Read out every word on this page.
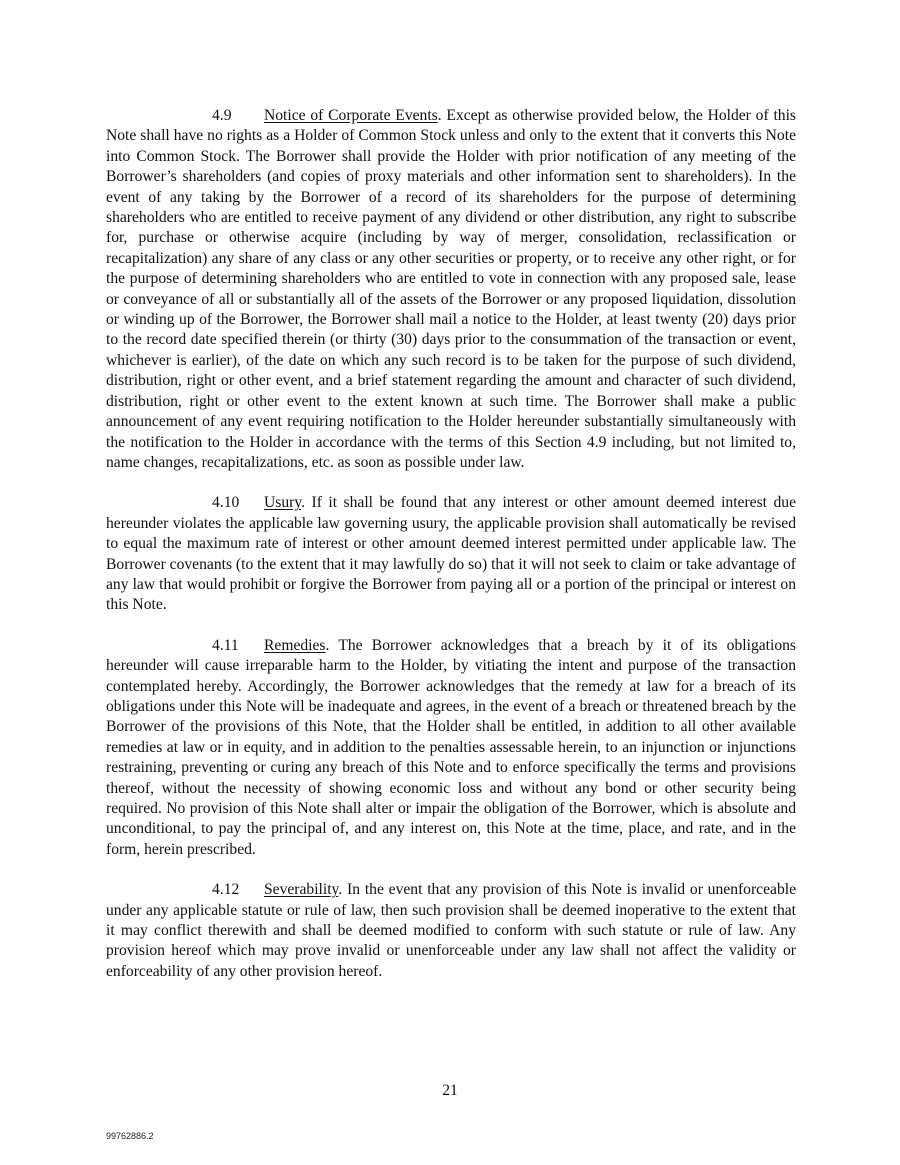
4.9 Notice of Corporate Events. Except as otherwise provided below, the Holder of this Note shall have no rights as a Holder of Common Stock unless and only to the extent that it converts this Note into Common Stock. The Borrower shall provide the Holder with prior notification of any meeting of the Borrower’s shareholders (and copies of proxy materials and other information sent to shareholders). In the event of any taking by the Borrower of a record of its shareholders for the purpose of determining shareholders who are entitled to receive payment of any dividend or other distribution, any right to subscribe for, purchase or otherwise acquire (including by way of merger, consolidation, reclassification or recapitalization) any share of any class or any other securities or property, or to receive any other right, or for the purpose of determining shareholders who are entitled to vote in connection with any proposed sale, lease or conveyance of all or substantially all of the assets of the Borrower or any proposed liquidation, dissolution or winding up of the Borrower, the Borrower shall mail a notice to the Holder, at least twenty (20) days prior to the record date specified therein (or thirty (30) days prior to the consummation of the transaction or event, whichever is earlier), of the date on which any such record is to be taken for the purpose of such dividend, distribution, right or other event, and a brief statement regarding the amount and character of such dividend, distribution, right or other event to the extent known at such time. The Borrower shall make a public announcement of any event requiring notification to the Holder hereunder substantially simultaneously with the notification to the Holder in accordance with the terms of this Section 4.9 including, but not limited to, name changes, recapitalizations, etc. as soon as possible under law.

4.10 Usury. If it shall be found that any interest or other amount deemed interest due hereunder violates the applicable law governing usury, the applicable provision shall automatically be revised to equal the maximum rate of interest or other amount deemed interest permitted under applicable law. The Borrower covenants (to the extent that it may lawfully do so) that it will not seek to claim or take advantage of any law that would prohibit or forgive the Borrower from paying all or a portion of the principal or interest on this Note.

4.11 Remedies. The Borrower acknowledges that a breach by it of its obligations hereunder will cause irreparable harm to the Holder, by vitiating the intent and purpose of the transaction contemplated hereby. Accordingly, the Borrower acknowledges that the remedy at law for a breach of its obligations under this Note will be inadequate and agrees, in the event of a breach or threatened breach by the Borrower of the provisions of this Note, that the Holder shall be entitled, in addition to all other available remedies at law or in equity, and in addition to the penalties assessable herein, to an injunction or injunctions restraining, preventing or curing any breach of this Note and to enforce specifically the terms and provisions thereof, without the necessity of showing economic loss and without any bond or other security being required. No provision of this Note shall alter or impair the obligation of the Borrower, which is absolute and unconditional, to pay the principal of, and any interest on, this Note at the time, place, and rate, and in the form, herein prescribed.

4.12 Severability. In the event that any provision of this Note is invalid or unenforceable under any applicable statute or rule of law, then such provision shall be deemed inoperative to the extent that it may conflict therewith and shall be deemed modified to conform with such statute or rule of law. Any provision hereof which may prove invalid or unenforceable under any law shall not affect the validity or enforceability of any other provision hereof.

21
99762886.2
